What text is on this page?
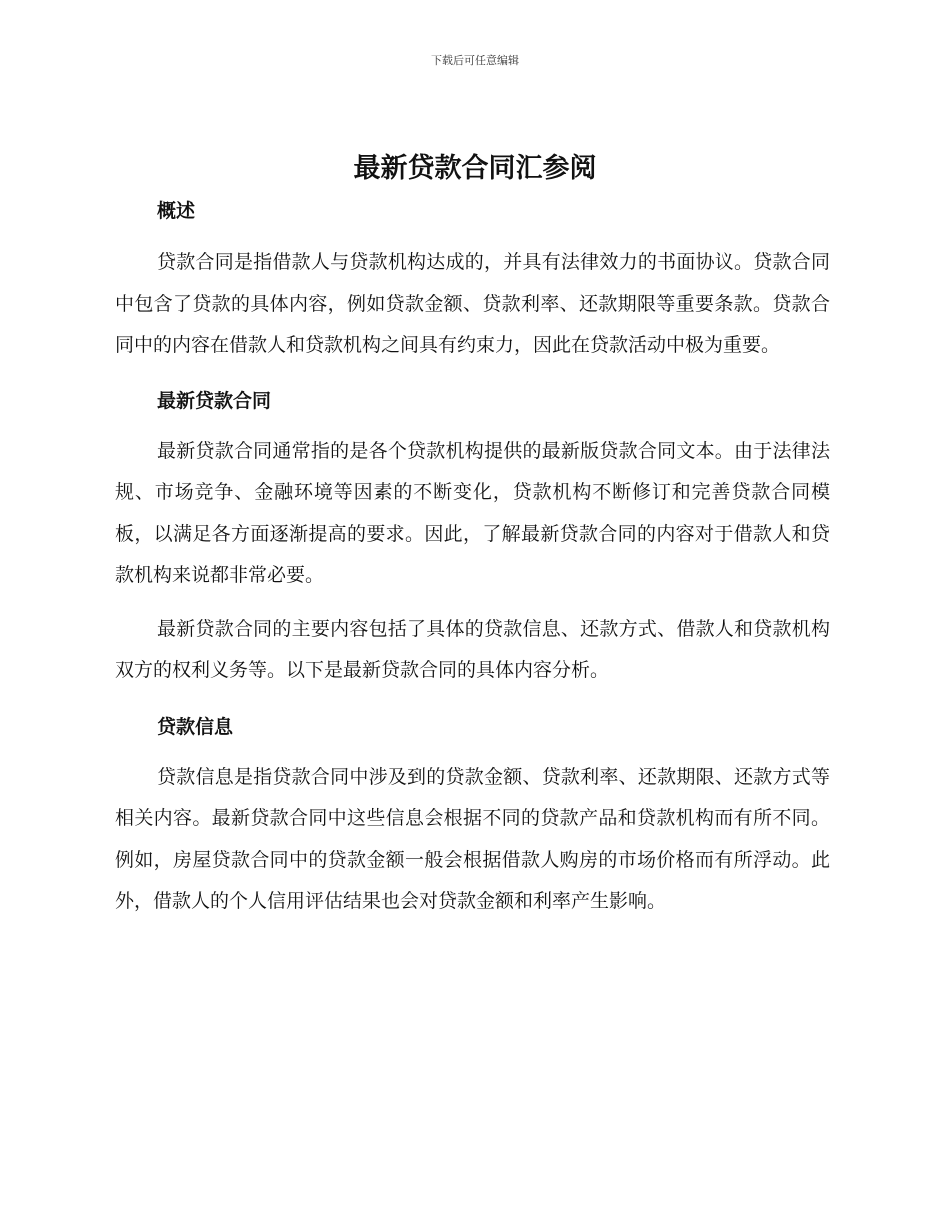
下载后可任意编辑
最新贷款合同汇参阅
概述

贷款合同是指借款人与贷款机构达成的，并具有法律效力的书面协议。贷款合同中包含了贷款的具体内容，例如贷款金额、贷款利率、还款期限等重要条款。贷款合同中的内容在借款人和贷款机构之间具有约束力，因此在贷款活动中极为重要。

最新贷款合同

最新贷款合同通常指的是各个贷款机构提供的最新版贷款合同文本。由于法律法规、市场竞争、金融环境等因素的不断变化，贷款机构不断修订和完善贷款合同模板，以满足各方面逐渐提高的要求。因此，了解最新贷款合同的内容对于借款人和贷款机构来说都非常必要。

最新贷款合同的主要内容包括了具体的贷款信息、还款方式、借款人和贷款机构双方的权利义务等。以下是最新贷款合同的具体内容分析。

贷款信息

贷款信息是指贷款合同中涉及到的贷款金额、贷款利率、还款期限、还款方式等相关内容。最新贷款合同中这些信息会根据不同的贷款产品和贷款机构而有所不同。例如，房屋贷款合同中的贷款金额一般会根据借款人购房的市场价格而有所浮动。此外，借款人的个人信用评估结果也会对贷款金额和利率产生影响。
